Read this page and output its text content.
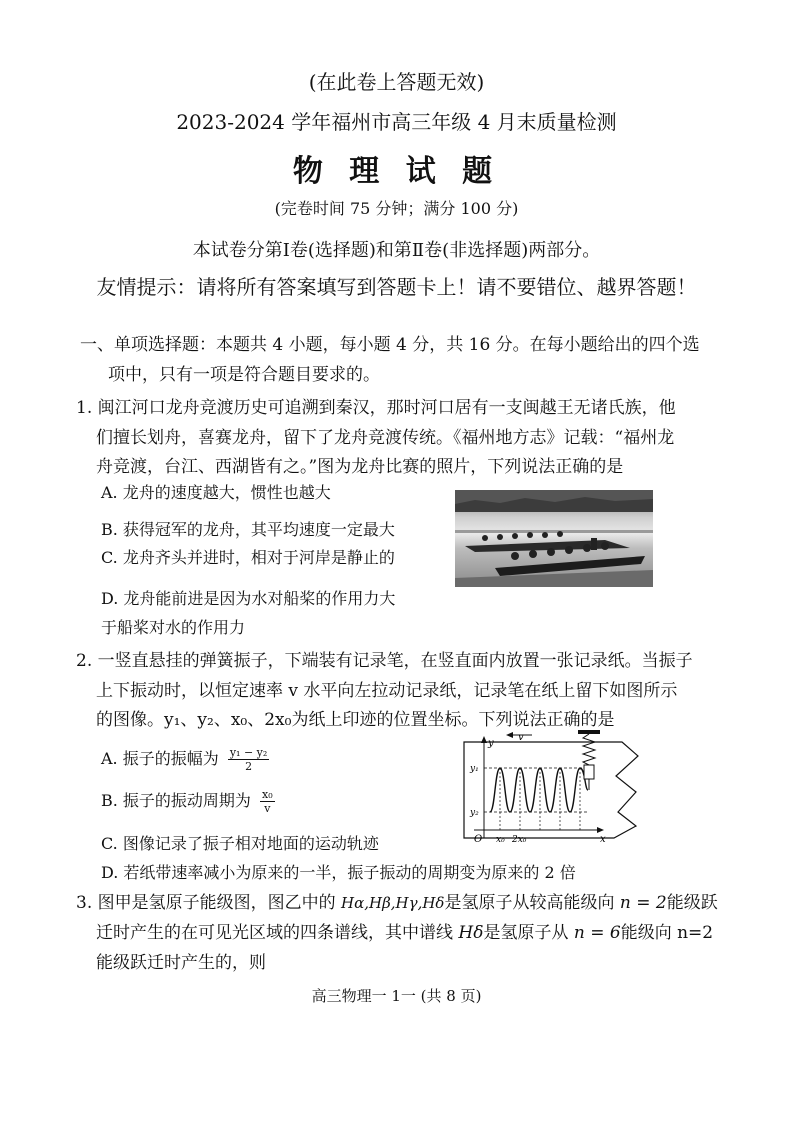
(在此卷上答题无效)
2023-2024 学年福州市高三年级 4 月末质量检测
物 理 试 题
(完卷时间 75 分钟；满分 100 分)
本试卷分第Ⅰ卷(选择题)和第Ⅱ卷(非选择题)两部分。
友情提示：请将所有答案填写到答题卡上！请不要错位、越界答题！
一、单项选择题：本题共 4 小题，每小题 4 分，共 16 分。在每小题给出的四个选
项中，只有一项是符合题目要求的。
1. 闽江河口龙舟竞渡历史可追溯到秦汉，那时河口居有一支闽越王无诸氏族，他
们擅长划舟，喜赛龙舟，留下了龙舟竞渡传统。《福州地方志》记载：“福州龙
舟竞渡，台江、西湖皆有之。”图为龙舟比赛的照片，下列说法正确的是
A. 龙舟的速度越大，惯性也越大
B. 获得冠军的龙舟，其平均速度一定最大
C. 龙舟齐头并进时，相对于河岸是静止的
D. 龙舟能前进是因为水对船桨的作用力大
于船桨对水的作用力
2. 一竖直悬挂的弹簧振子，下端装有记录笔，在竖直面内放置一张记录纸。当振子
上下振动时，以恒定速率 v 水平向左拉动记录纸，记录笔在纸上留下如图所示
的图像。y₁、y₂、x₀、2x₀为纸上印迹的位置坐标。下列说法正确的是
A. 振子的振幅为 $\frac{\text{y₁ − y₂}}{2}$
B. 振子的振动周期为 $\frac{\text{x₀}}{v}$
C. 图像记录了振子相对地面的运动轨迹
D. 若纸带速率减小为原来的一半，振子振动的周期变为原来的 2 倍
y
x
v
O
y₁
y₂
x₀ 2x₀
3. 图甲是氢原子能级图，图乙中的 Hα,Hβ,Hγ,Hδ是氢原子从较高能级向 n = 2能级跃
迁时产生的在可见光区域的四条谱线，其中谱线 Hδ是氢原子从 n = 6能级向 n=2
能级跃迁时产生的，则
高三物理一 1一 (共 8 页)
